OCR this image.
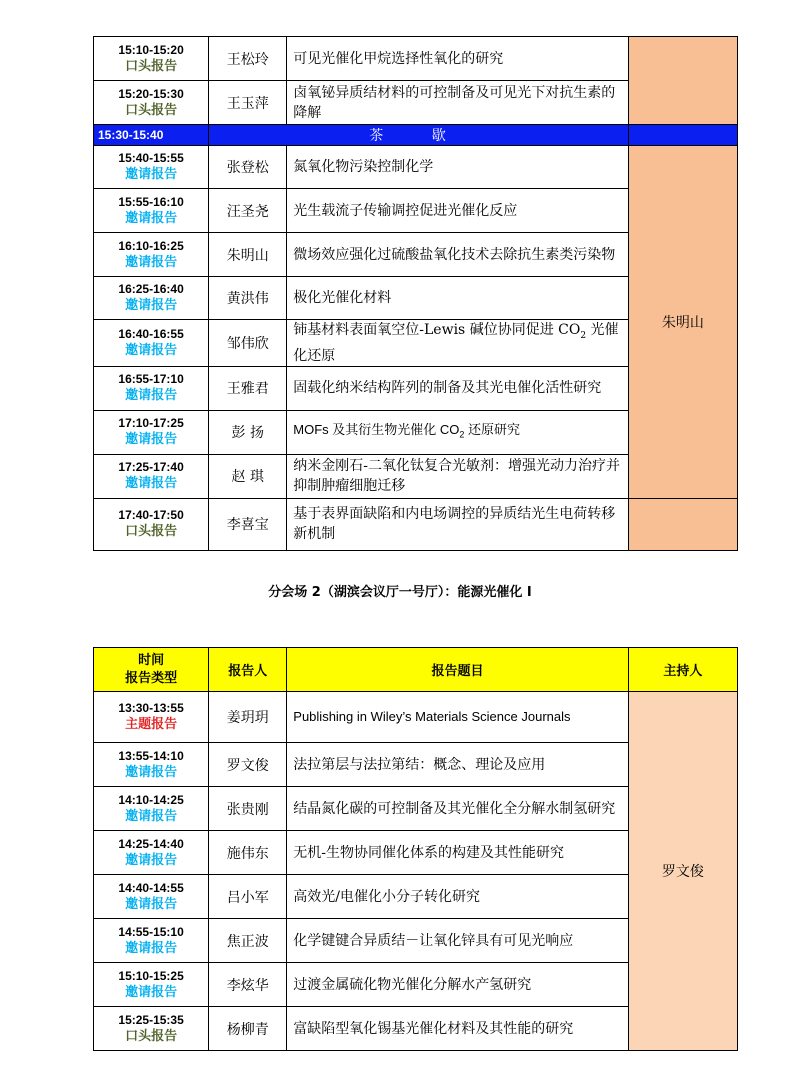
15:10-15:20
口头报告	王松玲	可见光催化甲烷选择性氧化的研究	

15:20-15:30
口头报告	王玉萍	卤氧铋异质结材料的可控制备及可见光下对抗生素的降解	
15:30-15:40	茶 歇		

15:40-15:55
邀请报告	张登松	氮氧化物污染控制化学	朱明山

15:55-16:10
邀请报告	汪圣尧	光生载流子传输调控促进光催化反应	

16:10-16:25
邀请报告	朱明山	微场效应强化过硫酸盐氧化技术去除抗生素类污染物	

16:25-16:40
邀请报告	黄洪伟	极化光催化材料	

16:40-16:55
邀请报告	邹伟欣	铈基材料表面氧空位-Lewis 碱位协同促进 $CO_2$ 光催化还原	

16:55-17:10
邀请报告	王雅君	固载化纳米结构阵列的制备及其光电催化活性研究	

17:10-17:25
邀请报告	彭 扬	MOFs 及其衍生物光催化 $CO_2$ 还原研究	

17:25-17:40
邀请报告	赵 琪	纳米金刚石-二氧化钛复合光敏剂：增强光动力治疗并抑制肿瘤细胞迁移	

17:40-17:50
口头报告	李喜宝	基于表界面缺陷和内电场调控的异质结光生电荷转移新机制	
分会场 2（湖滨会议厅一号厅）：能源光催化 I
时间
报告类型	报告人	报告题目	主持人

13:30-13:55
主题报告	姜玥玥	Publishing in Wiley’s Materials Science Journals	罗文俊

13:55-14:10
邀请报告	罗文俊	法拉第层与法拉第结：概念、理论及应用	

14:10-14:25
邀请报告	张贵刚	结晶氮化碳的可控制备及其光催化全分解水制氢研究	

14:25-14:40
邀请报告	施伟东	无机-生物协同催化体系的构建及其性能研究	

14:40-14:55
邀请报告	吕小军	高效光/电催化小分子转化研究	

14:55-15:10
邀请报告	焦正波	化学键键合异质结－让氧化锌具有可见光响应	

15:10-15:25
邀请报告	李炫华	过渡金属硫化物光催化分解水产氢研究	

15:25-15:35
口头报告	杨柳青	富缺陷型氧化锡基光催化材料及其性能的研究	
